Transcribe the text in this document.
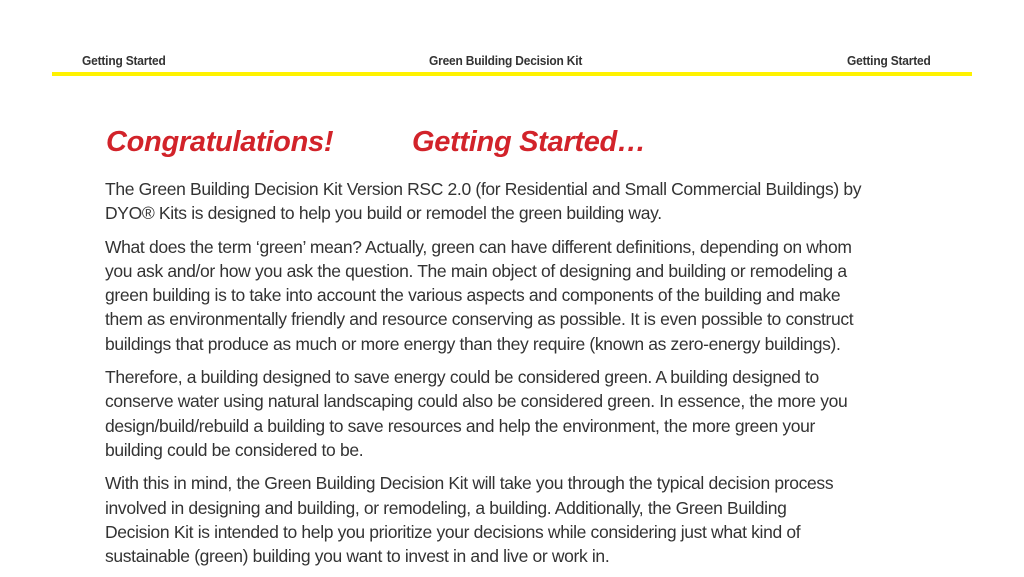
Getting Started	Green Building Decision Kit	Getting Started
Congratulations!	Getting Started…

The Green Building Decision Kit Version RSC 2.0 (for Residential and Small Commercial Buildings) by
DYO® Kits is designed to help you build or remodel the green building way.

What does the term ‘green’ mean? Actually, green can have different definitions, depending on whom
you ask and/or how you ask the question. The main object of designing and building or remodeling a
green building is to take into account the various aspects and components of the building and make
them as environmentally friendly and resource conserving as possible. It is even possible to construct
buildings that produce as much or more energy than they require (known as zero-energy buildings).

Therefore, a building designed to save energy could be considered green. A building designed to
conserve water using natural landscaping could also be considered green. In essence, the more you
design/build/rebuild a building to save resources and help the environment, the more green your
building could be considered to be.

With this in mind, the Green Building Decision Kit will take you through the typical decision process
involved in designing and building, or remodeling, a building. Additionally, the Green Building
Decision Kit is intended to help you prioritize your decisions while considering just what kind of
sustainable (green) building you want to invest in and live or work in.
